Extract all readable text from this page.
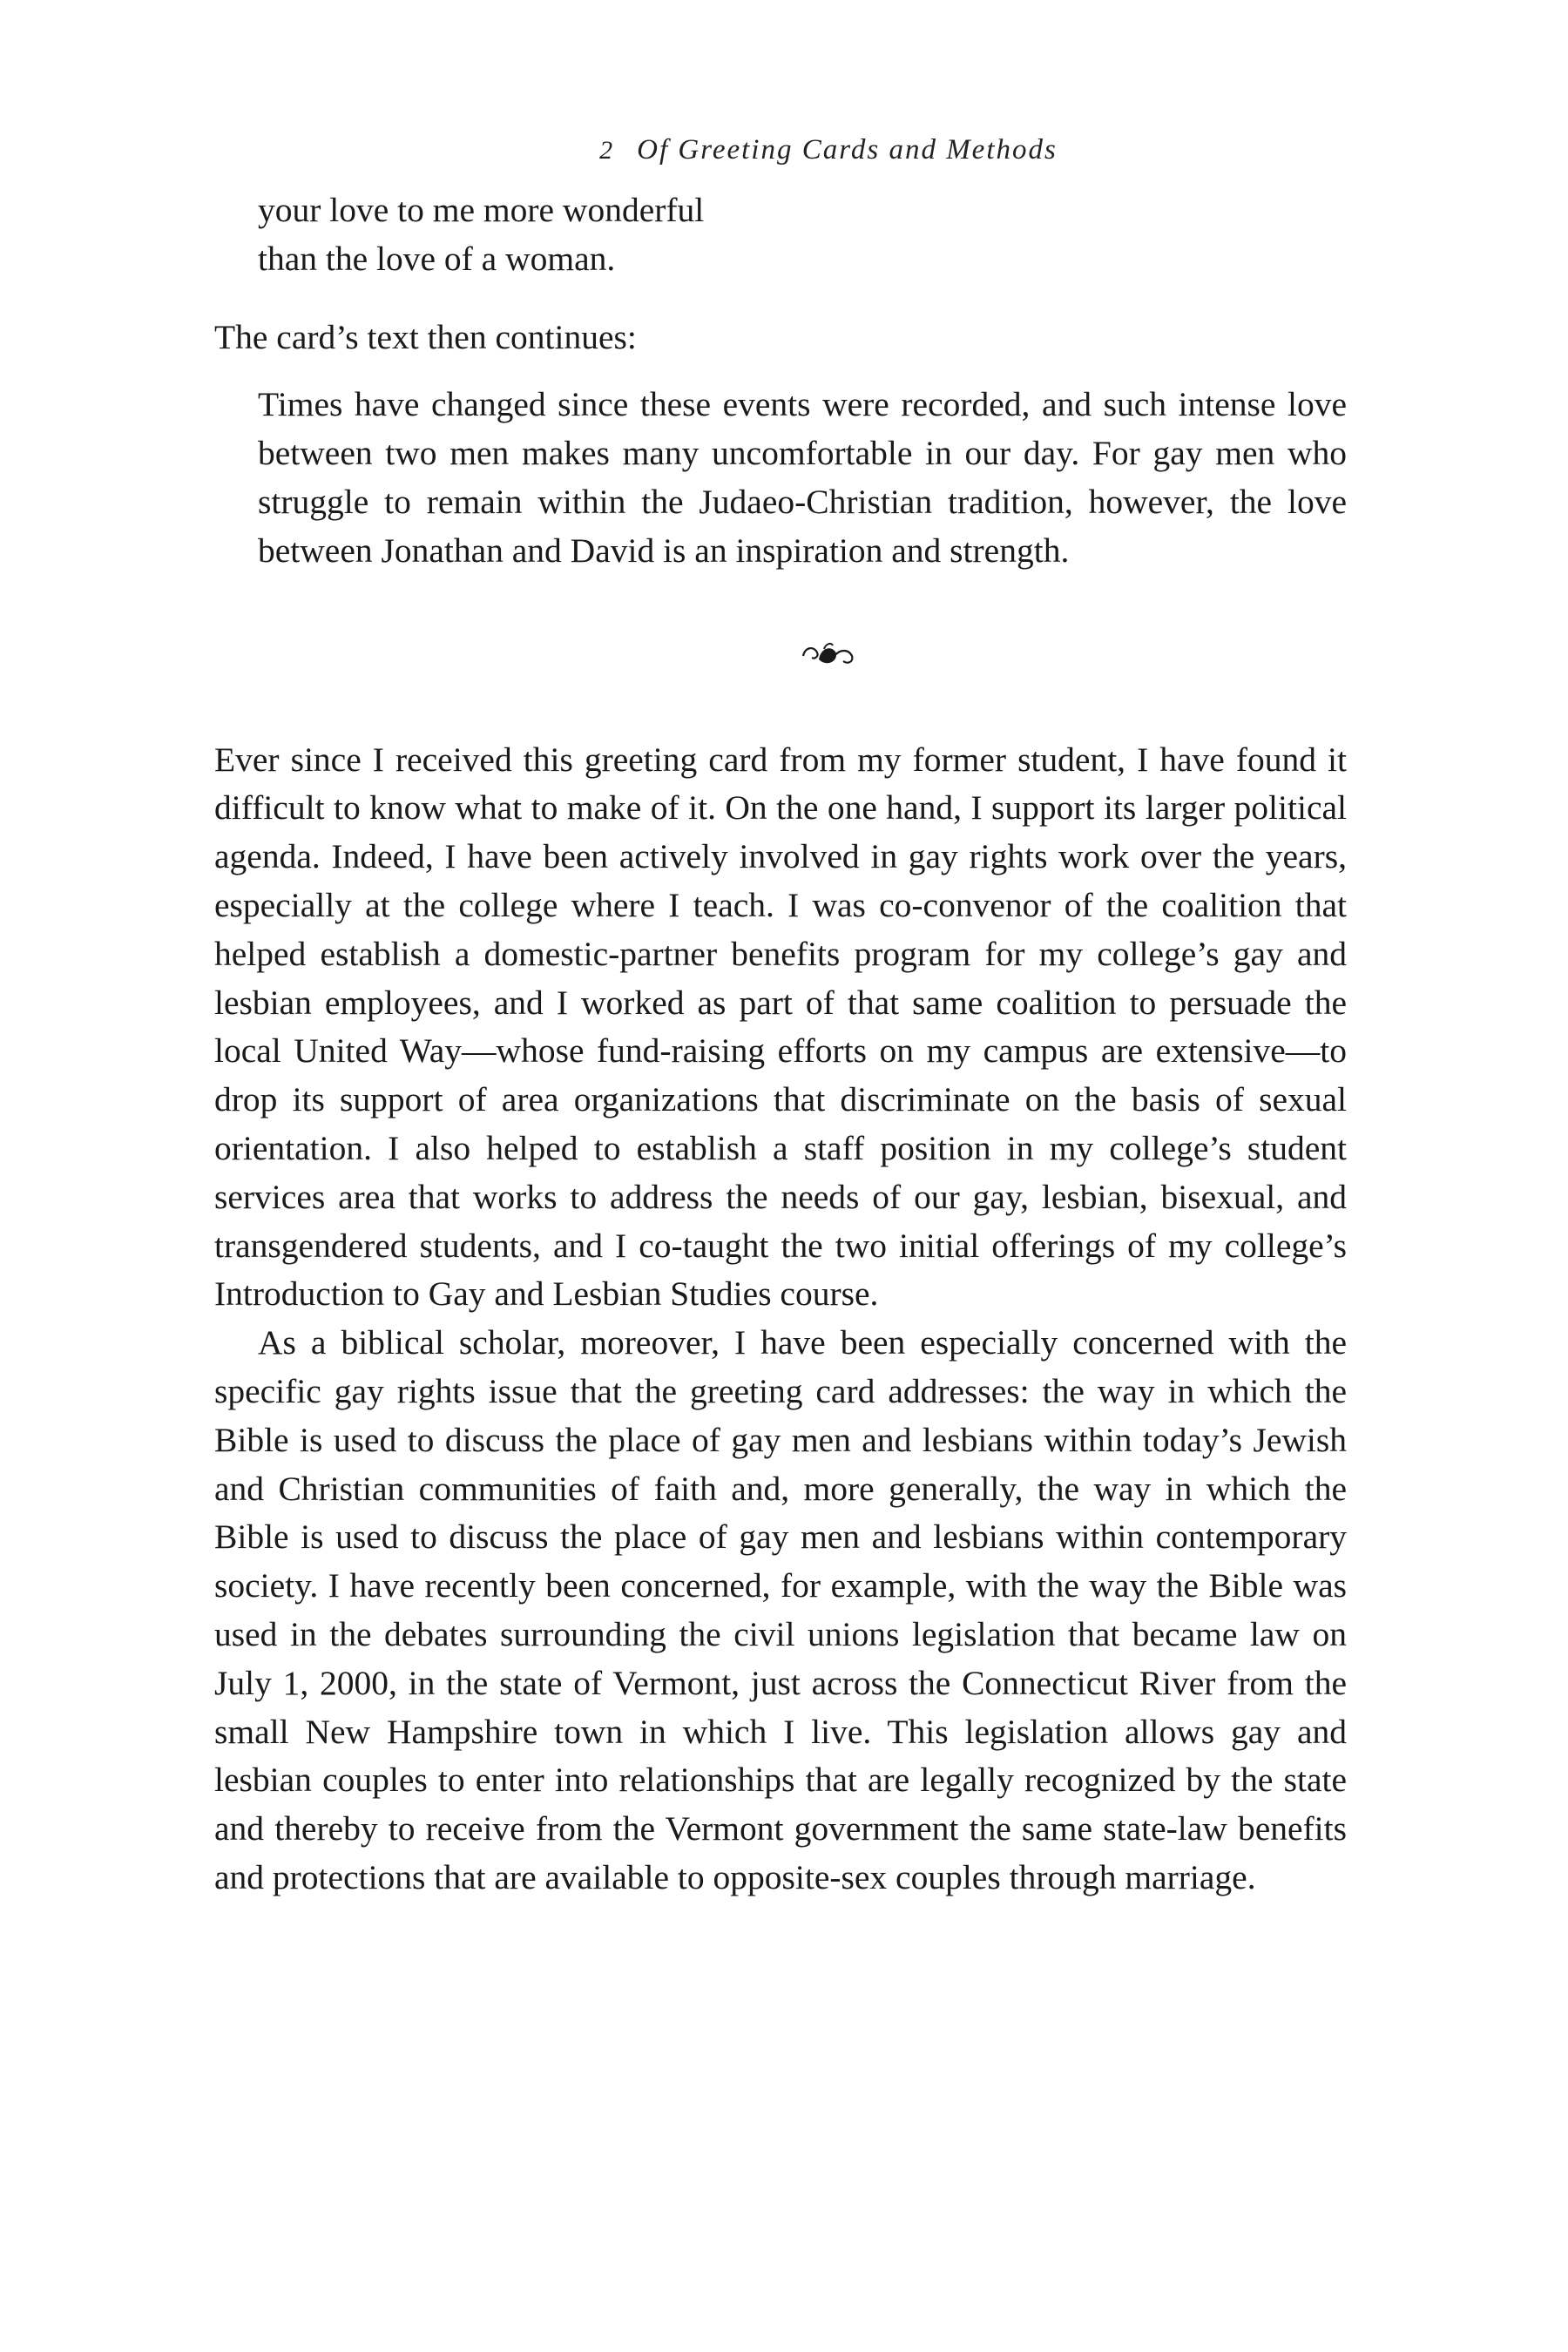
2 Of Greeting Cards and Methods
your love to me more wonderful
than the love of a woman.
The card’s text then continues:
Times have changed since these events were recorded, and such intense love between two men makes many uncomfortable in our day. For gay men who struggle to remain within the Judaeo-Christian tradition, however, the love between Jonathan and David is an inspiration and strength.

Ever since I received this greeting card from my former student, I have found it difficult to know what to make of it. On the one hand, I support its larger political agenda. Indeed, I have been actively involved in gay rights work over the years, especially at the college where I teach. I was co-convenor of the coalition that helped establish a domestic-partner benefits program for my college’s gay and lesbian employees, and I worked as part of that same coalition to persuade the local United Way—whose fund-raising efforts on my campus are extensive—to drop its support of area organizations that discriminate on the basis of sexual orientation. I also helped to establish a staff position in my college’s student services area that works to address the needs of our gay, lesbian, bisexual, and transgendered students, and I co-taught the two initial offerings of my college’s Introduction to Gay and Lesbian Studies course.

As a biblical scholar, moreover, I have been especially concerned with the specific gay rights issue that the greeting card addresses: the way in which the Bible is used to discuss the place of gay men and lesbians within today’s Jewish and Christian communities of faith and, more generally, the way in which the Bible is used to discuss the place of gay men and lesbians within contemporary society. I have recently been concerned, for example, with the way the Bible was used in the debates surrounding the civil unions legislation that became law on July 1, 2000, in the state of Vermont, just across the Connecticut River from the small New Hampshire town in which I live. This legislation allows gay and lesbian couples to enter into relationships that are legally recognized by the state and thereby to receive from the Vermont government the same state-law benefits and protections that are available to opposite-sex couples through marriage.
